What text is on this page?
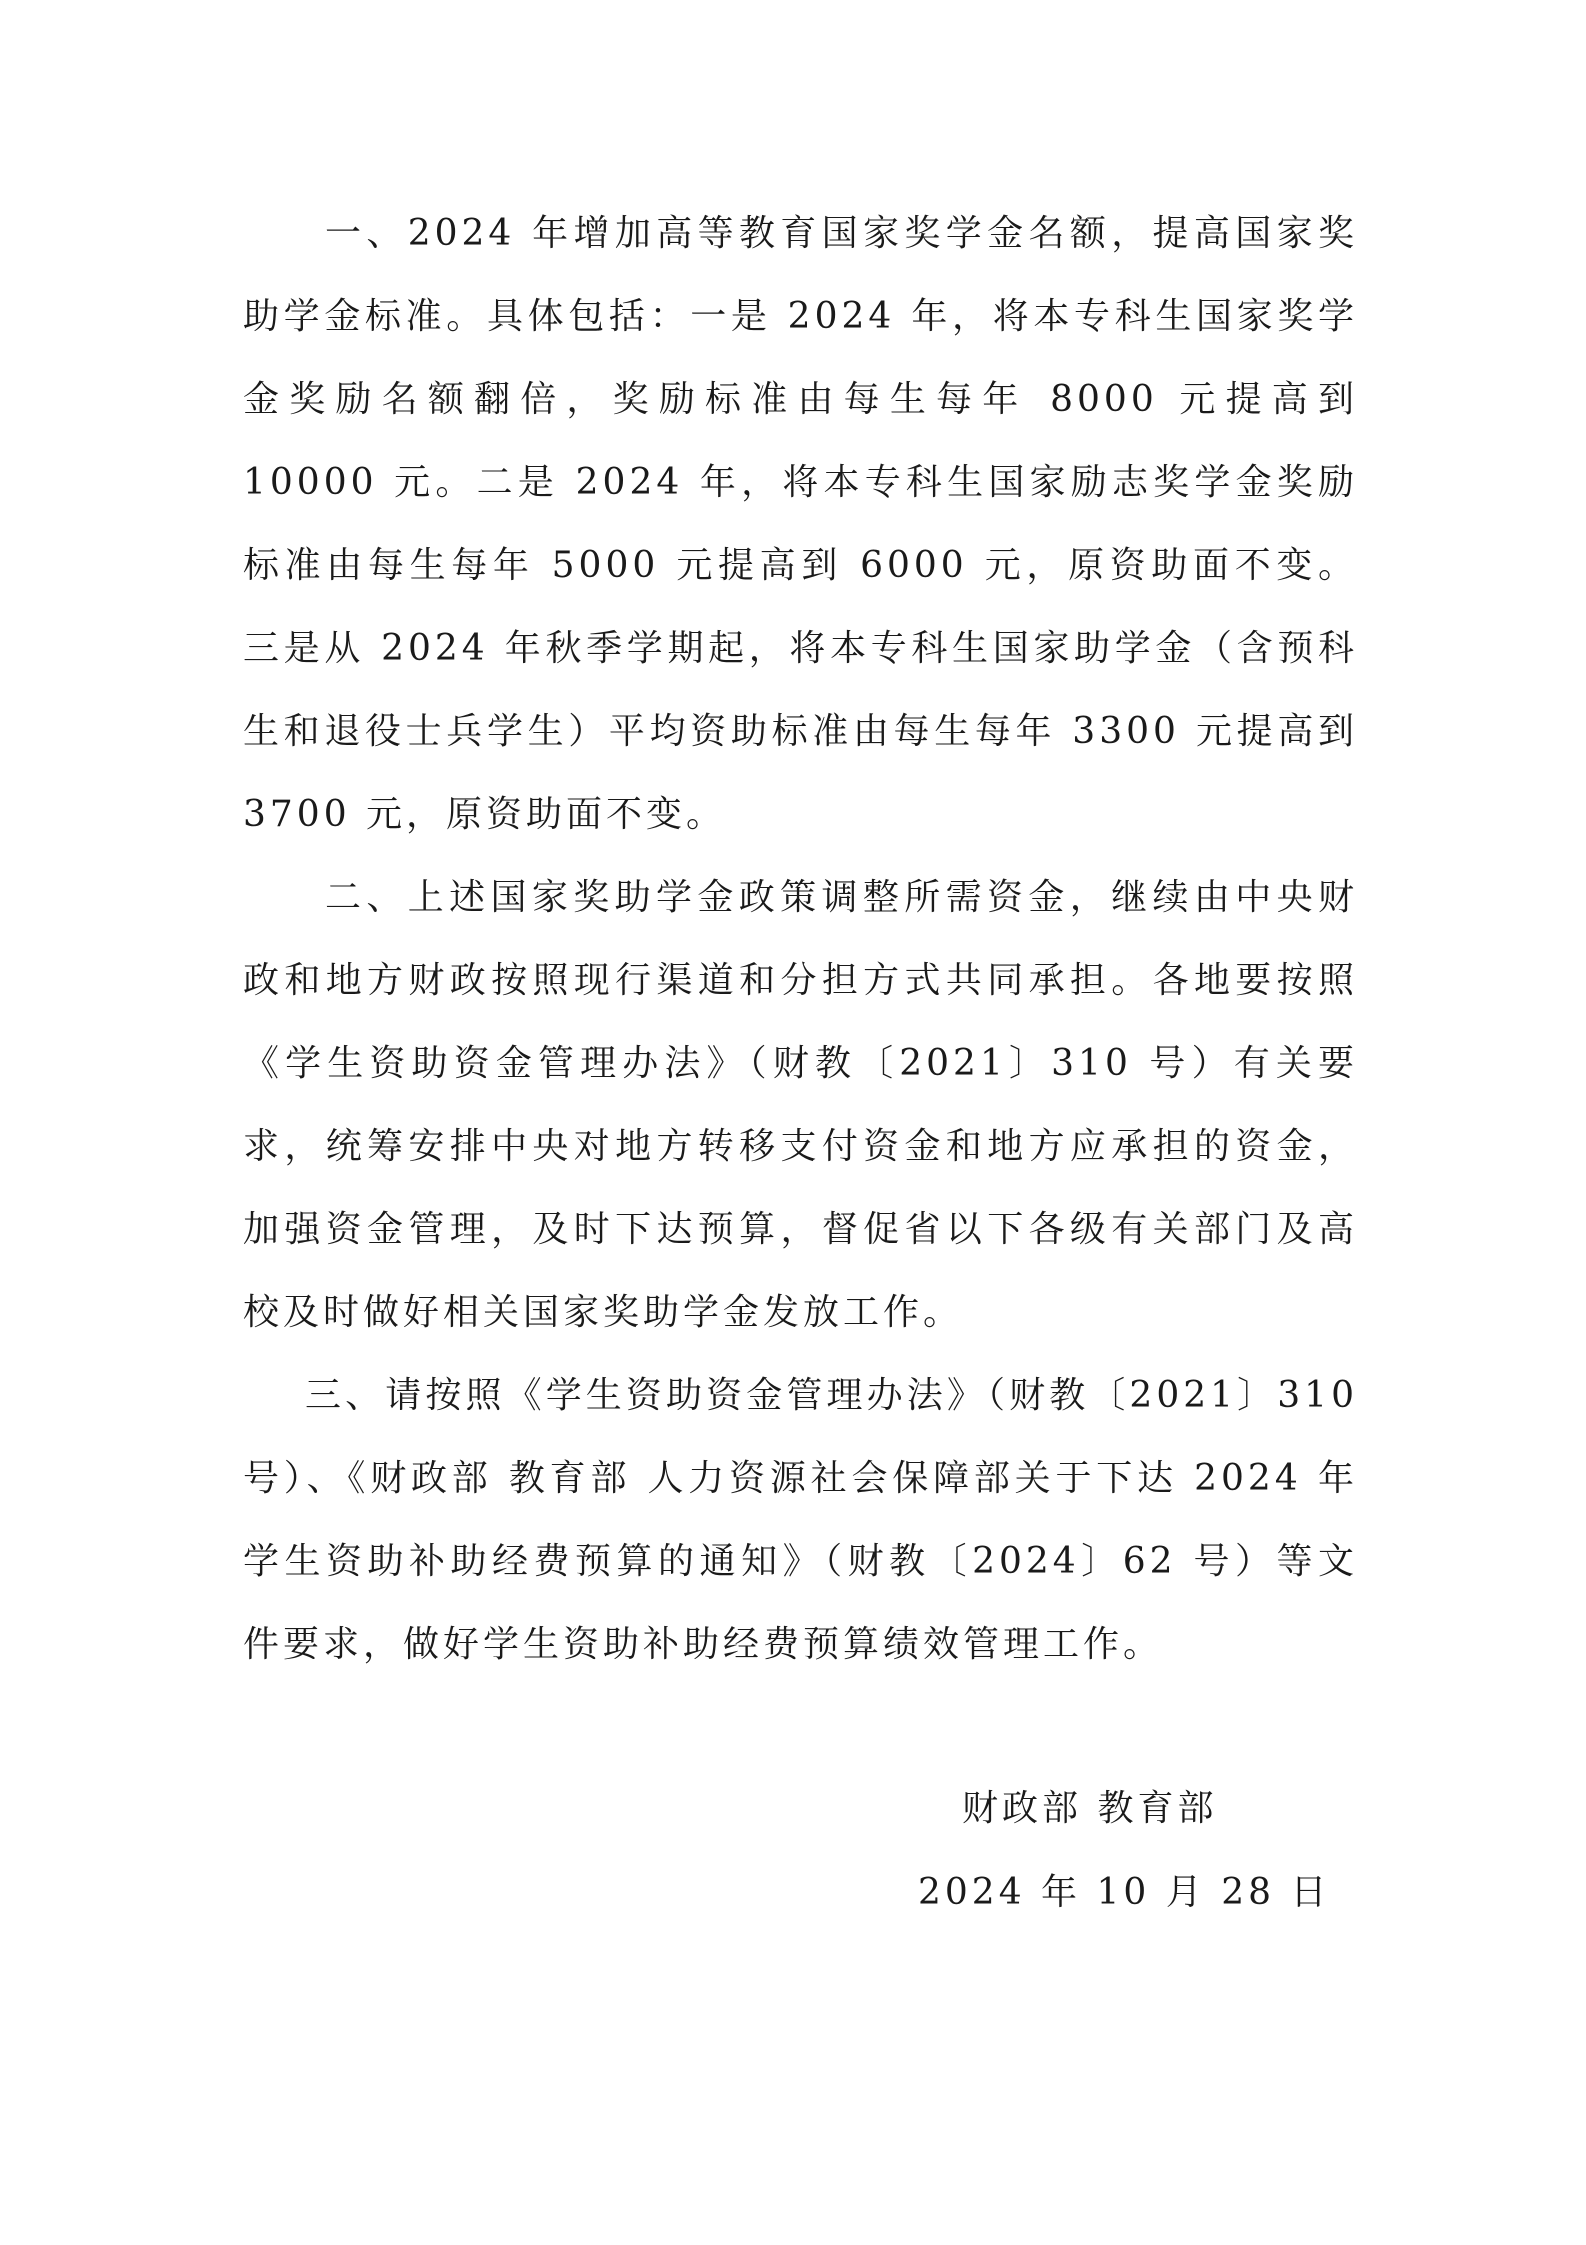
一、2024 年增加高等教育国家奖学金名额，提高国家奖助学金标准。具体包括：一是 2024 年，将本专科生国家奖学金奖励名额翻倍，奖励标准由每生每年 8000 元提高到 10000 元。二是 2024 年，将本专科生国家励志奖学金奖励标准由每生每年 5000 元提高到 6000 元，原资助面不变。三是从 2024 年秋季学期起，将本专科生国家助学金（含预科生和退役士兵学生）平均资助标准由每生每年 3300 元提高到 3700 元，原资助面不变。

二、上述国家奖助学金政策调整所需资金，继续由中央财政和地方财政按照现行渠道和分担方式共同承担。各地要按照《学生资助资金管理办法》（财教〔2021〕310 号）有关要求，统筹安排中央对地方转移支付资金和地方应承担的资金，加强资金管理，及时下达预算，督促省以下各级有关部门及高校及时做好相关国家奖助学金发放工作。

三、请按照《学生资助资金管理办法》（财教〔2021〕310 号）、《财政部 教育部 人力资源社会保障部关于下达 2024 年学生资助补助经费预算的通知》（财教〔2024〕62 号）等文件要求，做好学生资助补助经费预算绩效管理工作。

财政部 教育部
2024 年 10 月 28 日
